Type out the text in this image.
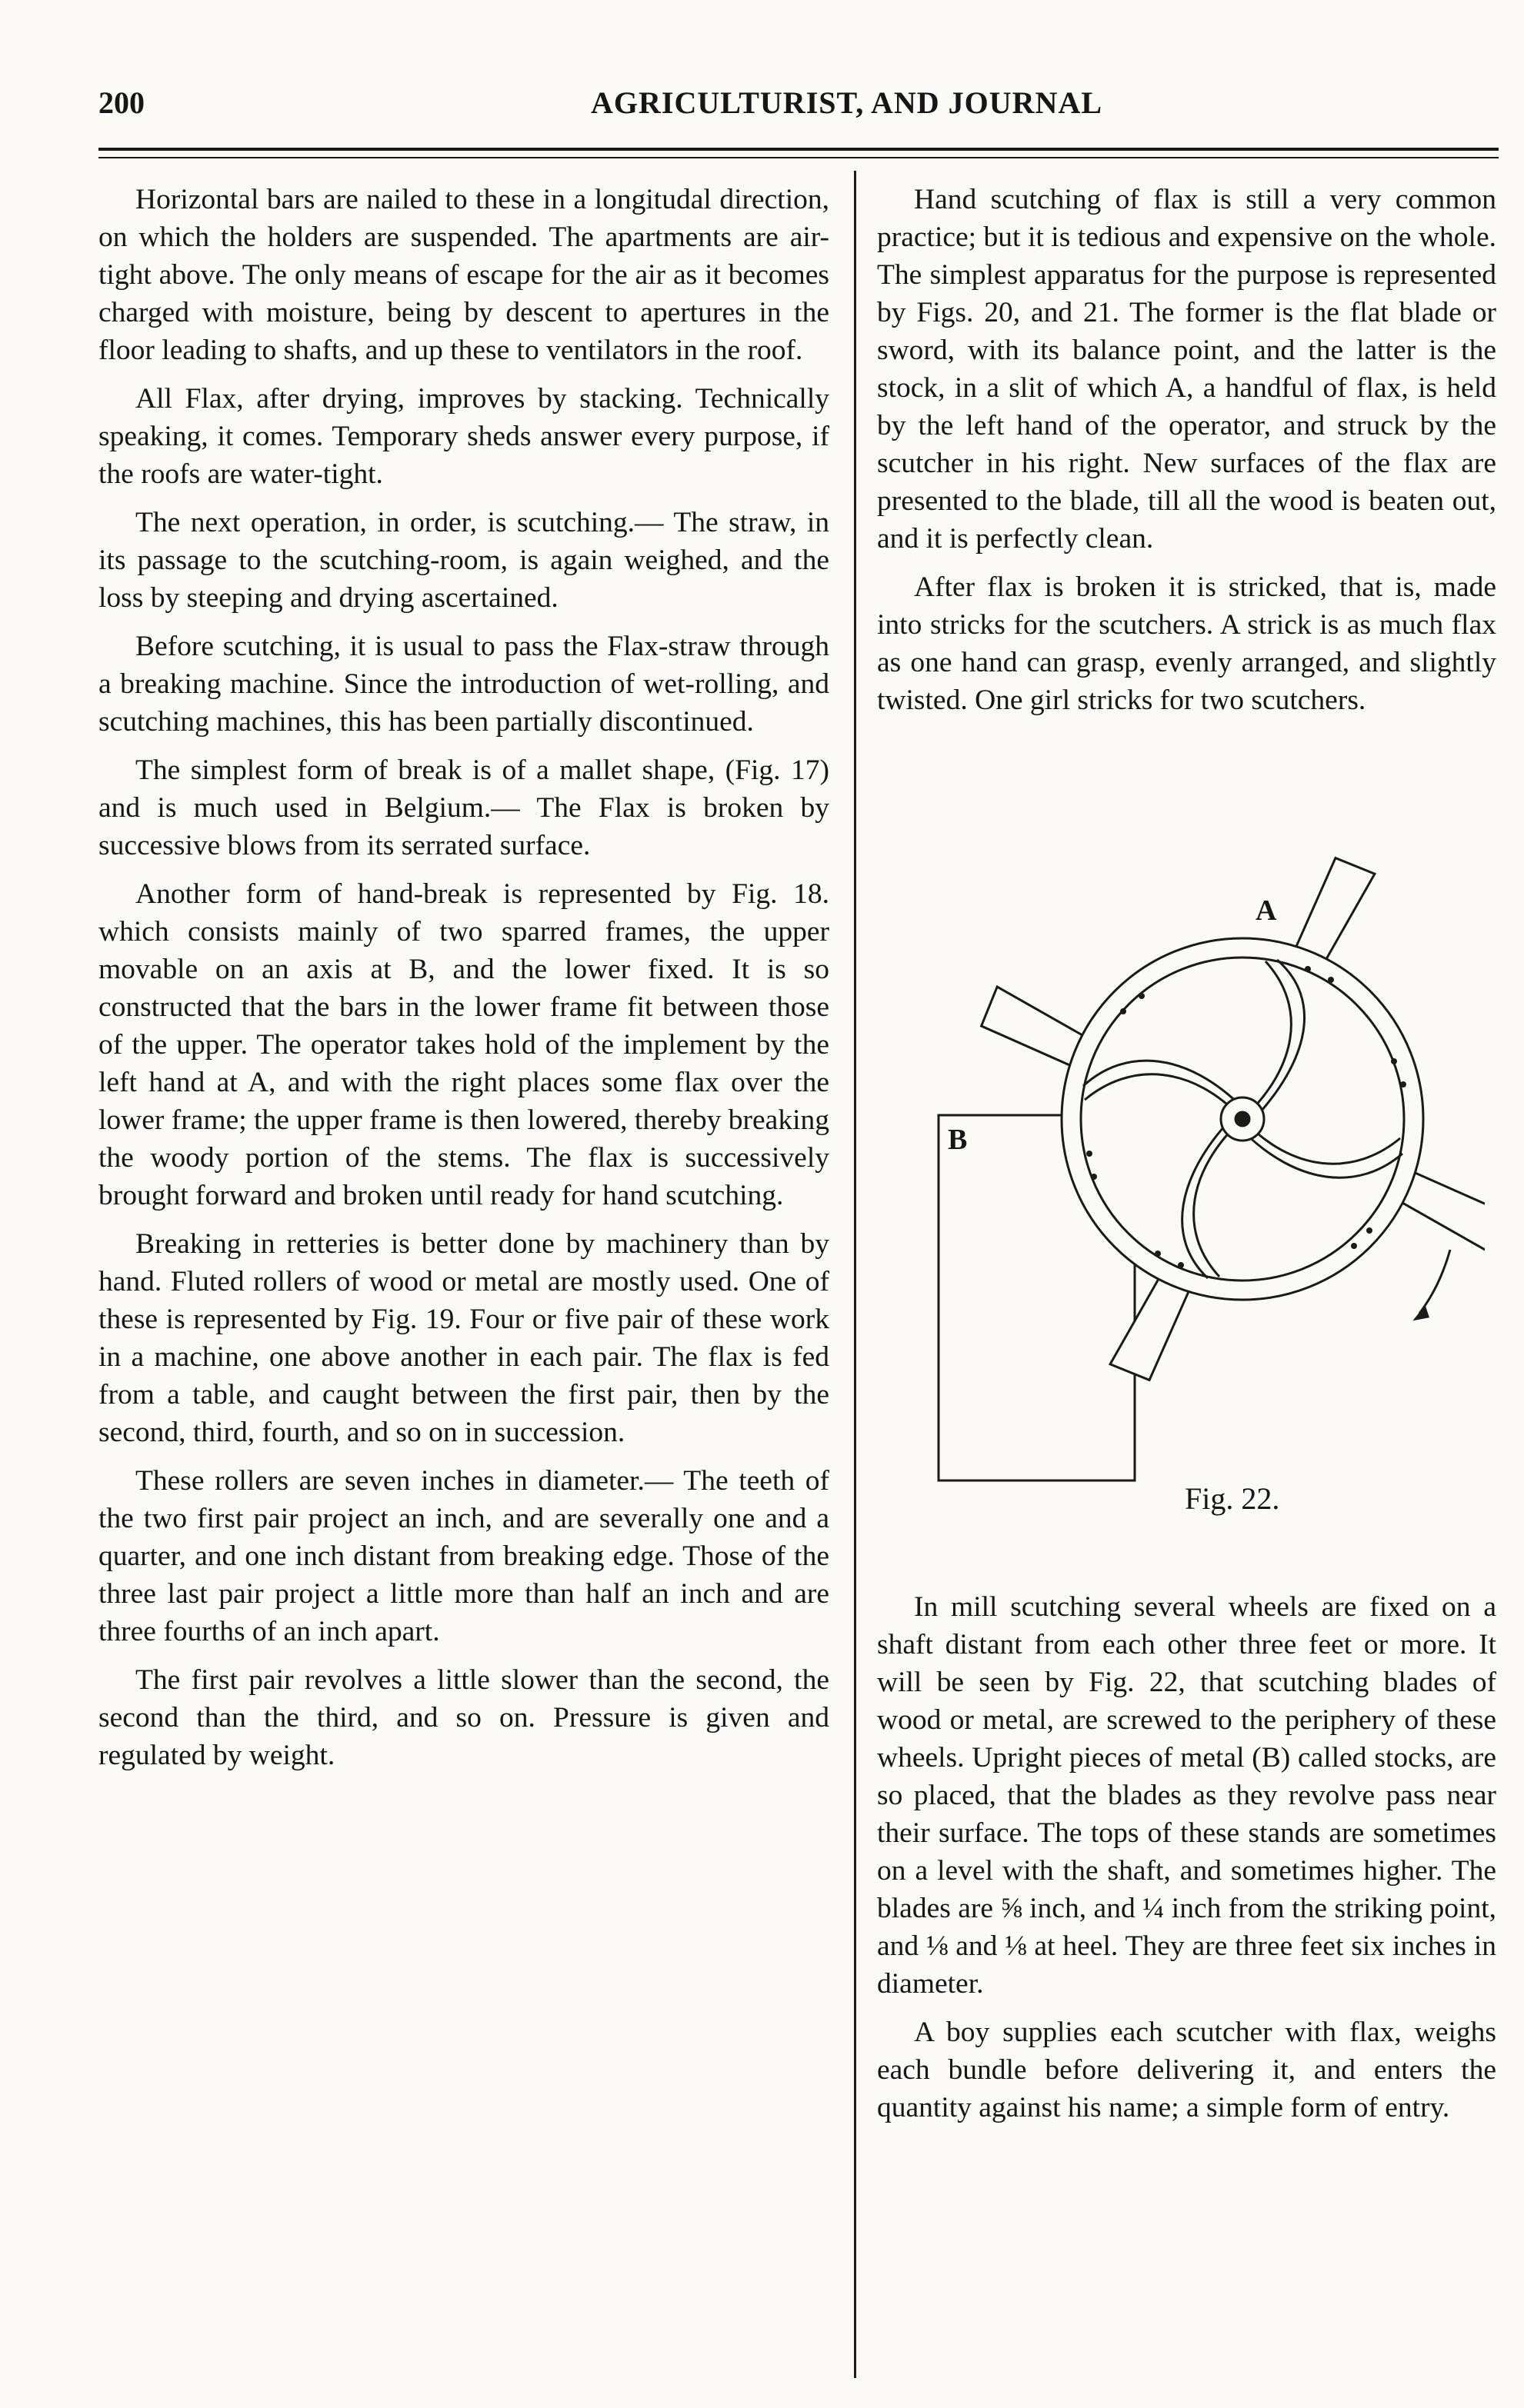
200	AGRICULTURIST, AND JOURNAL

Horizontal bars are nailed to these in a longitudal direction, on which the holders are suspended. The apartments are air-tight above. The only means of escape for the air as it becomes charged with moisture, being by descent to apertures in the floor leading to shafts, and up these to ventilators in the roof.

All Flax, after drying, improves by stacking. Technically speaking, it comes. Temporary sheds answer every purpose, if the roofs are water-tight.

The next operation, in order, is scutching.— The straw, in its passage to the scutching-room, is again weighed, and the loss by steeping and drying ascertained.

Before scutching, it is usual to pass the Flax-straw through a breaking machine. Since the introduction of wet-rolling, and scutching machines, this has been partially discontinued.

The simplest form of break is of a mallet shape, (Fig. 17) and is much used in Belgium.— The Flax is broken by successive blows from its serrated surface.

Another form of hand-break is represented by Fig. 18. which consists mainly of two sparred frames, the upper movable on an axis at B, and the lower fixed. It is so constructed that the bars in the lower frame fit between those of the upper. The operator takes hold of the implement by the left hand at A, and with the right places some flax over the lower frame; the upper frame is then lowered, thereby breaking the woody portion of the stems. The flax is successively brought forward and broken until ready for hand scutching.

Breaking in retteries is better done by machinery than by hand. Fluted rollers of wood or metal are mostly used. One of these is represented by Fig. 19. Four or five pair of these work in a machine, one above another in each pair. The flax is fed from a table, and caught between the first pair, then by the second, third, fourth, and so on in succession.

These rollers are seven inches in diameter.— The teeth of the two first pair project an inch, and are severally one and a quarter, and one inch distant from breaking edge. Those of the three last pair project a little more than half an inch and are three fourths of an inch apart.

The first pair revolves a little slower than the second, the second than the third, and so on. Pressure is given and regulated by weight.

Hand scutching of flax is still a very common practice; but it is tedious and expensive on the whole. The simplest apparatus for the purpose is represented by Figs. 20, and 21. The former is the flat blade or sword, with its balance point, and the latter is the stock, in a slit of which A, a handful of flax, is held by the left hand of the operator, and struck by the scutcher in his right. New surfaces of the flax are presented to the blade, till all the wood is beaten out, and it is perfectly clean.

After flax is broken it is stricked, that is, made into stricks for the scutchers. A strick is as much flax as one hand can grasp, evenly arranged, and slightly twisted. One girl stricks for two scutchers.

A
B
Fig. 22.

In mill scutching several wheels are fixed on a shaft distant from each other three feet or more. It will be seen by Fig. 22, that scutching blades of wood or metal, are screwed to the periphery of these wheels. Upright pieces of metal (B) called stocks, are so placed, that the blades as they revolve pass near their surface. The tops of these stands are sometimes on a level with the shaft, and sometimes higher. The blades are ⅝ inch, and ¼ inch from the striking point, and ⅛ and ⅛ at heel. They are three feet six inches in diameter.

A boy supplies each scutcher with flax, weighs each bundle before delivering it, and enters the quantity against his name; a simple form of entry.
